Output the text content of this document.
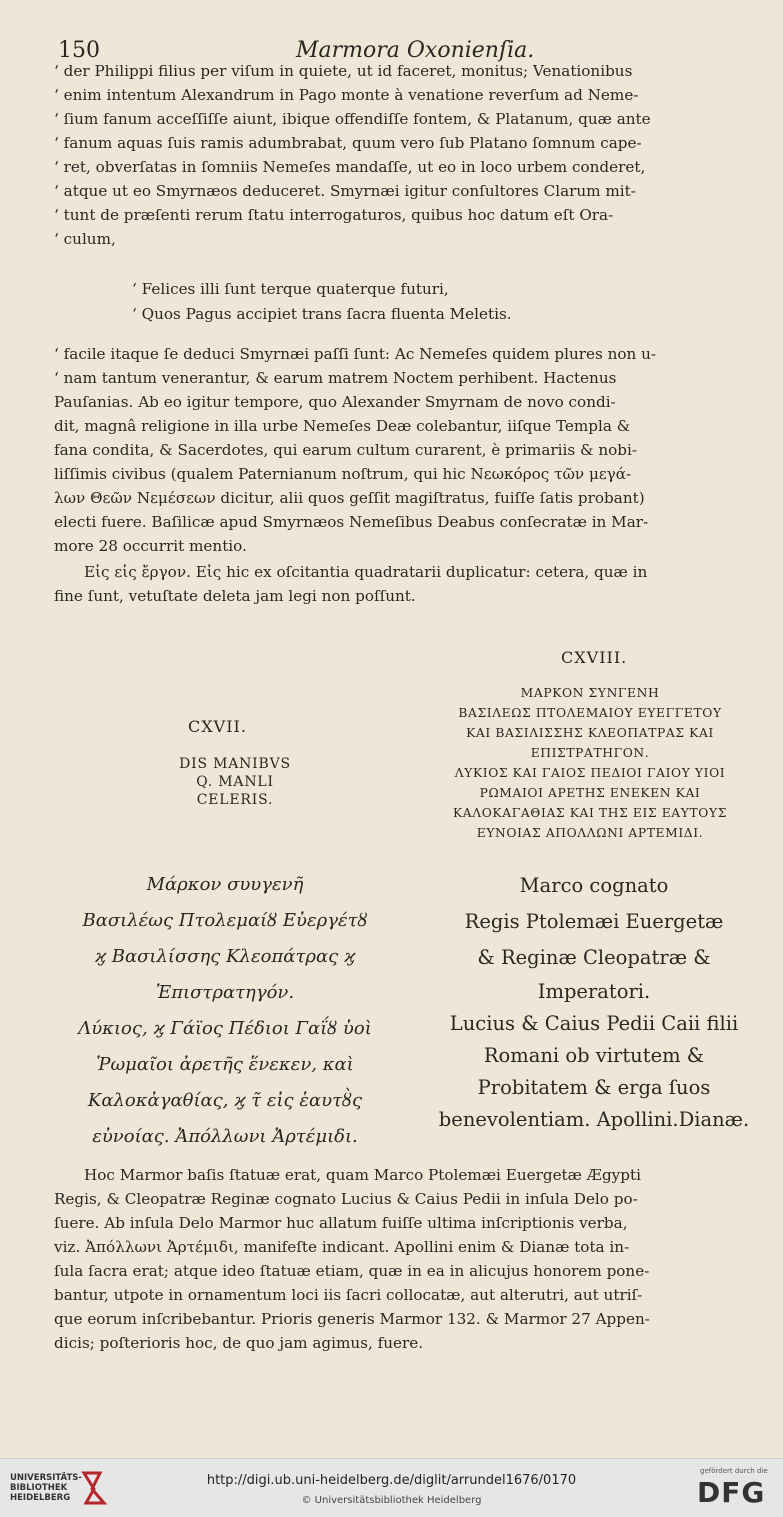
150	Marmora Oxonienſia.
‘ der Philippi filius per viſum in quiete, ut id faceret, monitus; Venationibus
‘ enim intentum Alexandrum in Pago monte à venatione reverſum ad Neme-
‘ ſium fanum acceſſiſſe aiunt, ibique offendiſſe fontem, & Platanum, quæ ante
‘ fanum aquas ſuis ramis adumbrabat, quum vero ſub Platano ſomnum cape-
‘ ret, obverſatas in ſomniis Nemeſes mandaſſe, ut eo in loco urbem conderet,
‘ atque ut eo Smyrnæos deduceret. Smyrnæi igitur conſultores Clarum mit-
‘ tunt de præſenti rerum ſtatu interrogaturos, quibus hoc datum eſt Ora-
‘ culum,
‘ Felices illi ſunt terque quaterque futuri,
‘ Quos Pagus accipiet trans ſacra fluenta Meletis.
‘ facile itaque ſe deduci Smyrnæi paſſi ſunt: Ac Nemeſes quidem plures non u-
‘ nam tantum venerantur, & earum matrem Noctem perhibent. Hactenus
Pauſanias. Ab eo igitur tempore, quo Alexander Smyrnam de novo condi-
dit, magnâ religione in illa urbe Nemeſes Deæ colebantur, iiſque Templa &
fana condita, & Sacerdotes, qui earum cultum curarent, è primariis & nobi-
liſſimis civibus (qualem Paternianum noſtrum, qui hic Νεωκόρος τῶν μεγά-
λων Θεῶν Νεμέσεων dicitur, alii quos geſſit magiſtratus, fuiſſe ſatis probant)
electi fuere. Baſilicæ apud Smyrnæos Nemeſibus Deabus conſecratæ in Mar-
more 28 occurrit mentio.
Εἰς εἰς ἔργον. Εἰς hic ex oſcitantia quadratarii duplicatur: cetera, quæ in
fine ſunt, vetuſtate deleta jam legi non poſſunt.
CXVII.
DIS MANIBVS
Q. MANLI
CELERIS.
CXVIII.
ΜΑΡΚΟΝ ΣΥΝΓΕΝΗ
ΒΑΣΙΛΕΩΣ ΠΤΟΛΕΜΑΙΟΥ ΕΥΕΓΓΕΤΟΥ
ΚΑΙ ΒΑΣΙΛΙΣΣΗΣ ΚΛΕΟΠΑΤΡΑΣ ΚΑΙ
ΕΠΙΣΤΡΑΤΗΓΟΝ.
ΛΥΚΙΟΣ ΚΑΙ ΓΑΙΟΣ ΠΕΔΙΟΙ ΓΑΙΟΥ ΥΙΟΙ
ΡΩΜΑΙΟΙ ΑΡΕΤΗΣ ΕΝΕΚΕΝ ΚΑΙ
ΚΑΛΟΚΑΓΑΘΙΑΣ ΚΑΙ ΤΗΣ ΕΙΣ ΕΑΥΤΟΥΣ
ΕΥΝΟΙΑΣ ΑΠΟΛΛΩΝΙ ΑΡΤΕΜΙΔΙ.
Μάρκον συυγενῆ
Βασιλέως Πτολεμαίȣ Εὐεργέτȣ
ϗ Βασιλίσσης Κλεοπάτρας ϗ
Ἐπιστρατηγόν.
Λύκιος, ϗ Γάϊος Πέδιοι Γαΐȣ ὑοὶ
Ῥωμαῖοι ἀρετῆς ἕνεκεν, καὶ
Καλοκἀγαθίας, ϗ τ̃ εἰς ἑαυτȣ̀ς
εὐνοίας. Ἀπόλλωνι Ἀρτέμιδι.
Marco cognato
Regis Ptolemæi Euergetæ
& Reginæ Cleopatræ &
Imperatori.
Lucius & Caius Pedii Caii filii
Romani ob virtutem &
Probitatem & erga ſuos
benevolentiam. Apollini.Dianæ.
Hoc Marmor baſis ſtatuæ erat, quam Marco Ptolemæi Euergetæ Ægypti
Regis, & Cleopatræ Reginæ cognato Lucius & Caius Pedii in inſula Delo po-
ſuere. Ab inſula Delo Marmor huc allatum fuiſſe ultima inſcriptionis verba,
viz. Ἀπόλλωνι Ἀρτέμιδι, manifeſte indicant. Apollini enim & Dianæ tota in-
ſula ſacra erat; atque ideo ſtatuæ etiam, quæ in ea in alicujus honorem pone-
bantur, utpote in ornamentum loci iis ſacri collocatæ, aut alterutri, aut utriſ-
que eorum inſcribebantur. Prioris generis Marmor 132. & Marmor 27 Appen-
dicis; poſterioris hoc, de quo jam agimus, fuere.
UNIVERSITÄTS-
BIBLIOTHEK
HEIDELBERG
http://digi.ub.uni-heidelberg.de/diglit/arrundel1676/0170
© Universitätsbibliothek Heidelberg
gefördert durch die
DFG
